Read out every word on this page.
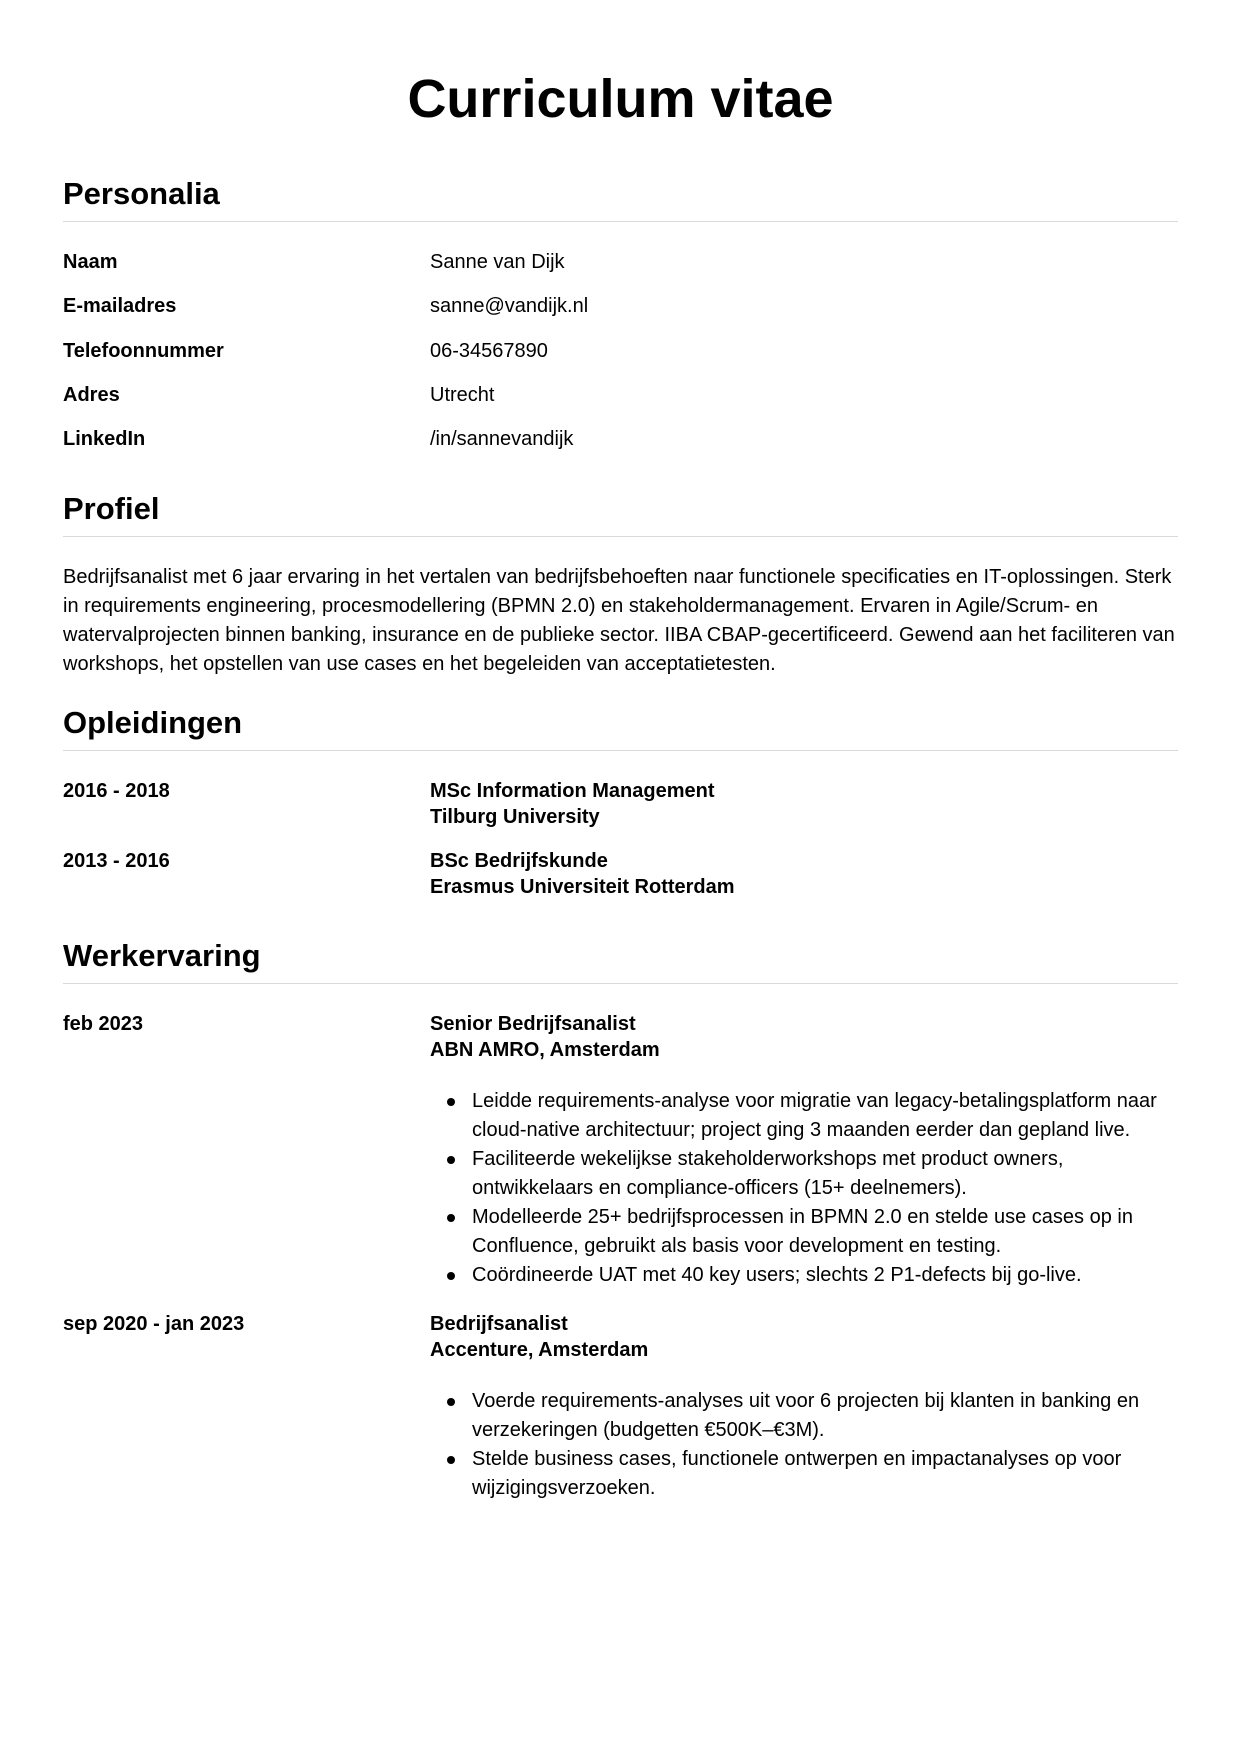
Curriculum vitae
Personalia
Naam	Sanne van Dijk
E-mailadres	sanne@vandijk.nl
Telefoonnummer	06-34567890
Adres	Utrecht
LinkedIn	/in/sannevandijk
Profiel

Bedrijfsanalist met 6 jaar ervaring in het vertalen van bedrijfsbehoeften naar functionele specificaties en IT-oplossingen. Sterk in requirements engineering, procesmodellering (BPMN 2.0) en stakeholdermanagement. Ervaren in Agile/Scrum- en watervalprojecten binnen banking, insurance en de publieke sector. IIBA CBAP-gecertificeerd. Gewend aan het faciliteren van workshops, het opstellen van use cases en het begeleiden van acceptatietesten.

Opleidingen
2016 - 2018	MSc Information Management
Tilburg University
2013 - 2016	BSc Bedrijfskunde
Erasmus Universiteit Rotterdam
Werkervaring
feb 2023	Senior Bedrijfsanalist
ABN AMRO, Amsterdam
Leidde requirements-analyse voor migratie van legacy-betalingsplatform naar cloud-native architectuur; project ging 3 maanden eerder dan gepland live.
Faciliteerde wekelijkse stakeholderworkshops met product owners, ontwikkelaars en compliance-officers (15+ deelnemers).
Modelleerde 25+ bedrijfsprocessen in BPMN 2.0 en stelde use cases op in Confluence, gebruikt als basis voor development en testing.
Coördineerde UAT met 40 key users; slechts 2 P1-defects bij go-live.
sep 2020 - jan 2023	Bedrijfsanalist
Accenture, Amsterdam
Voerde requirements-analyses uit voor 6 projecten bij klanten in banking en verzekeringen (budgetten €500K–€3M).
Stelde business cases, functionele ontwerpen en impactanalyses op voor wijzigingsverzoeken.
